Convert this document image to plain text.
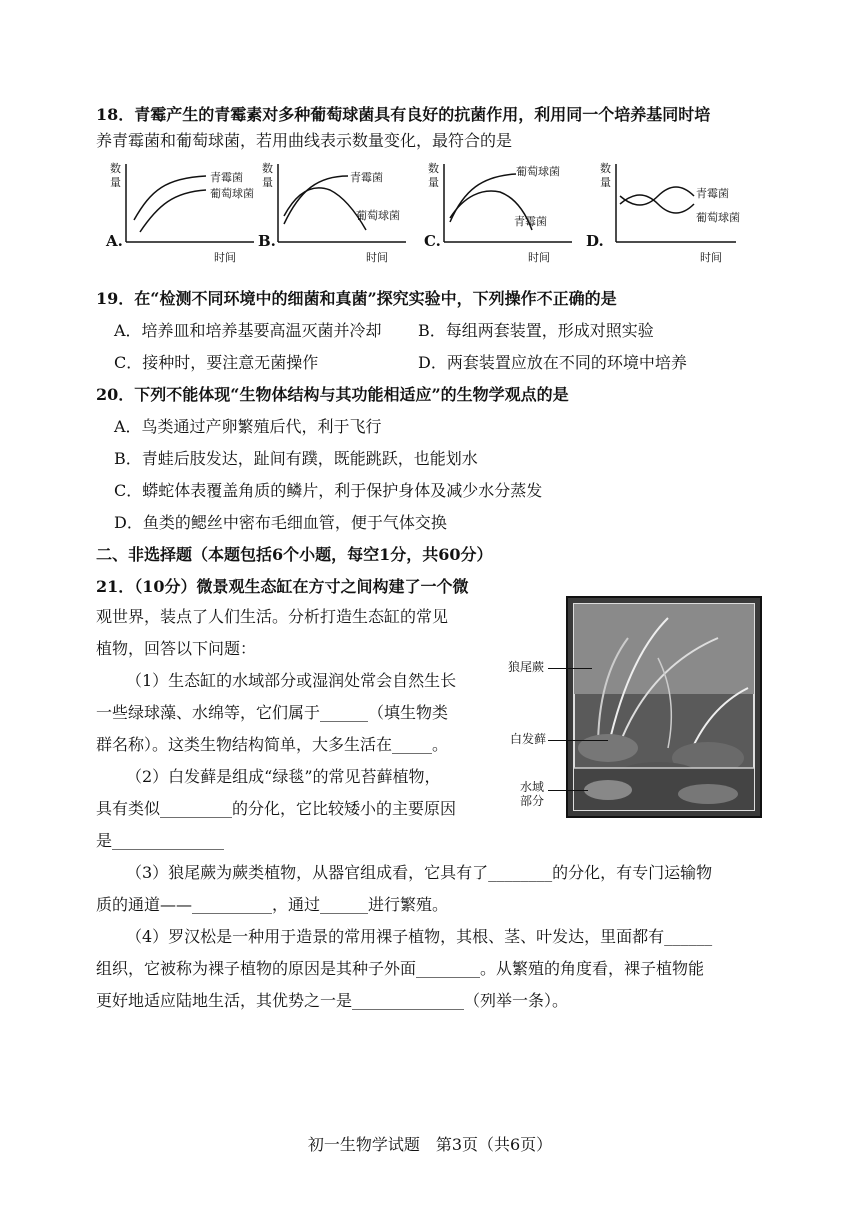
18．青霉产生的青霉素对多种葡萄球菌具有良好的抗菌作用，利用同一个培养基同时培
养青霉菌和葡萄球菌，若用曲线表示数量变化，最符合的是
数
量	青霉菌
葡萄球菌
A.
时间
数
量	青霉菌
葡萄球菌
B.
时间
数
量
葡萄球菌
青霉菌
C.
时间
数
量
青霉菌
葡萄球菌
D.
时间
19．在“检测不同环境中的细菌和真菌”探究实验中，下列操作不正确的是
A．培养皿和培养基要高温灭菌并冷却 B．每组两套装置，形成对照实验
C．接种时，要注意无菌操作	D．两套装置应放在不同的环境中培养
20．下列不能体现“生物体结构与其功能相适应”的生物学观点的是
A．鸟类通过产卵繁殖后代，利于飞行
B．青蛙后肢发达，趾间有蹼，既能跳跃，也能划水
C．蟒蛇体表覆盖角质的鳞片，利于保护身体及减少水分蒸发
D．鱼类的鳃丝中密布毛细血管，便于气体交换
二、非选择题（本题包括6个小题，每空1分，共60分）
21．（10分）微景观生态缸在方寸之间构建了一个微
观世界，装点了人们生活。分析打造生态缸的常见
植物，回答以下问题：
（1）生态缸的水域部分或湿润处常会自然生长
一些绿球藻、水绵等，它们属于______（填生物类
群名称）。这类生物结构简单，大多生活在_____。
（2）白发藓是组成“绿毯”的常见苔藓植物，
具有类似_________的分化，它比较矮小的主要原因
是______________
（3）狼尾蕨为蕨类植物，从器官组成看，它具有了________的分化，有专门运输物
质的通道——__________，通过______进行繁殖。
（4）罗汉松是一种用于造景的常用裸子植物，其根、茎、叶发达，里面都有______
组织，它被称为裸子植物的原因是其种子外面________。从繁殖的角度看，裸子植物能
更好地适应陆地生活，其优势之一是______________（列举一条）。
狼尾蕨
白发藓
水域
部分
初一生物学试题　第3页（共6页）
